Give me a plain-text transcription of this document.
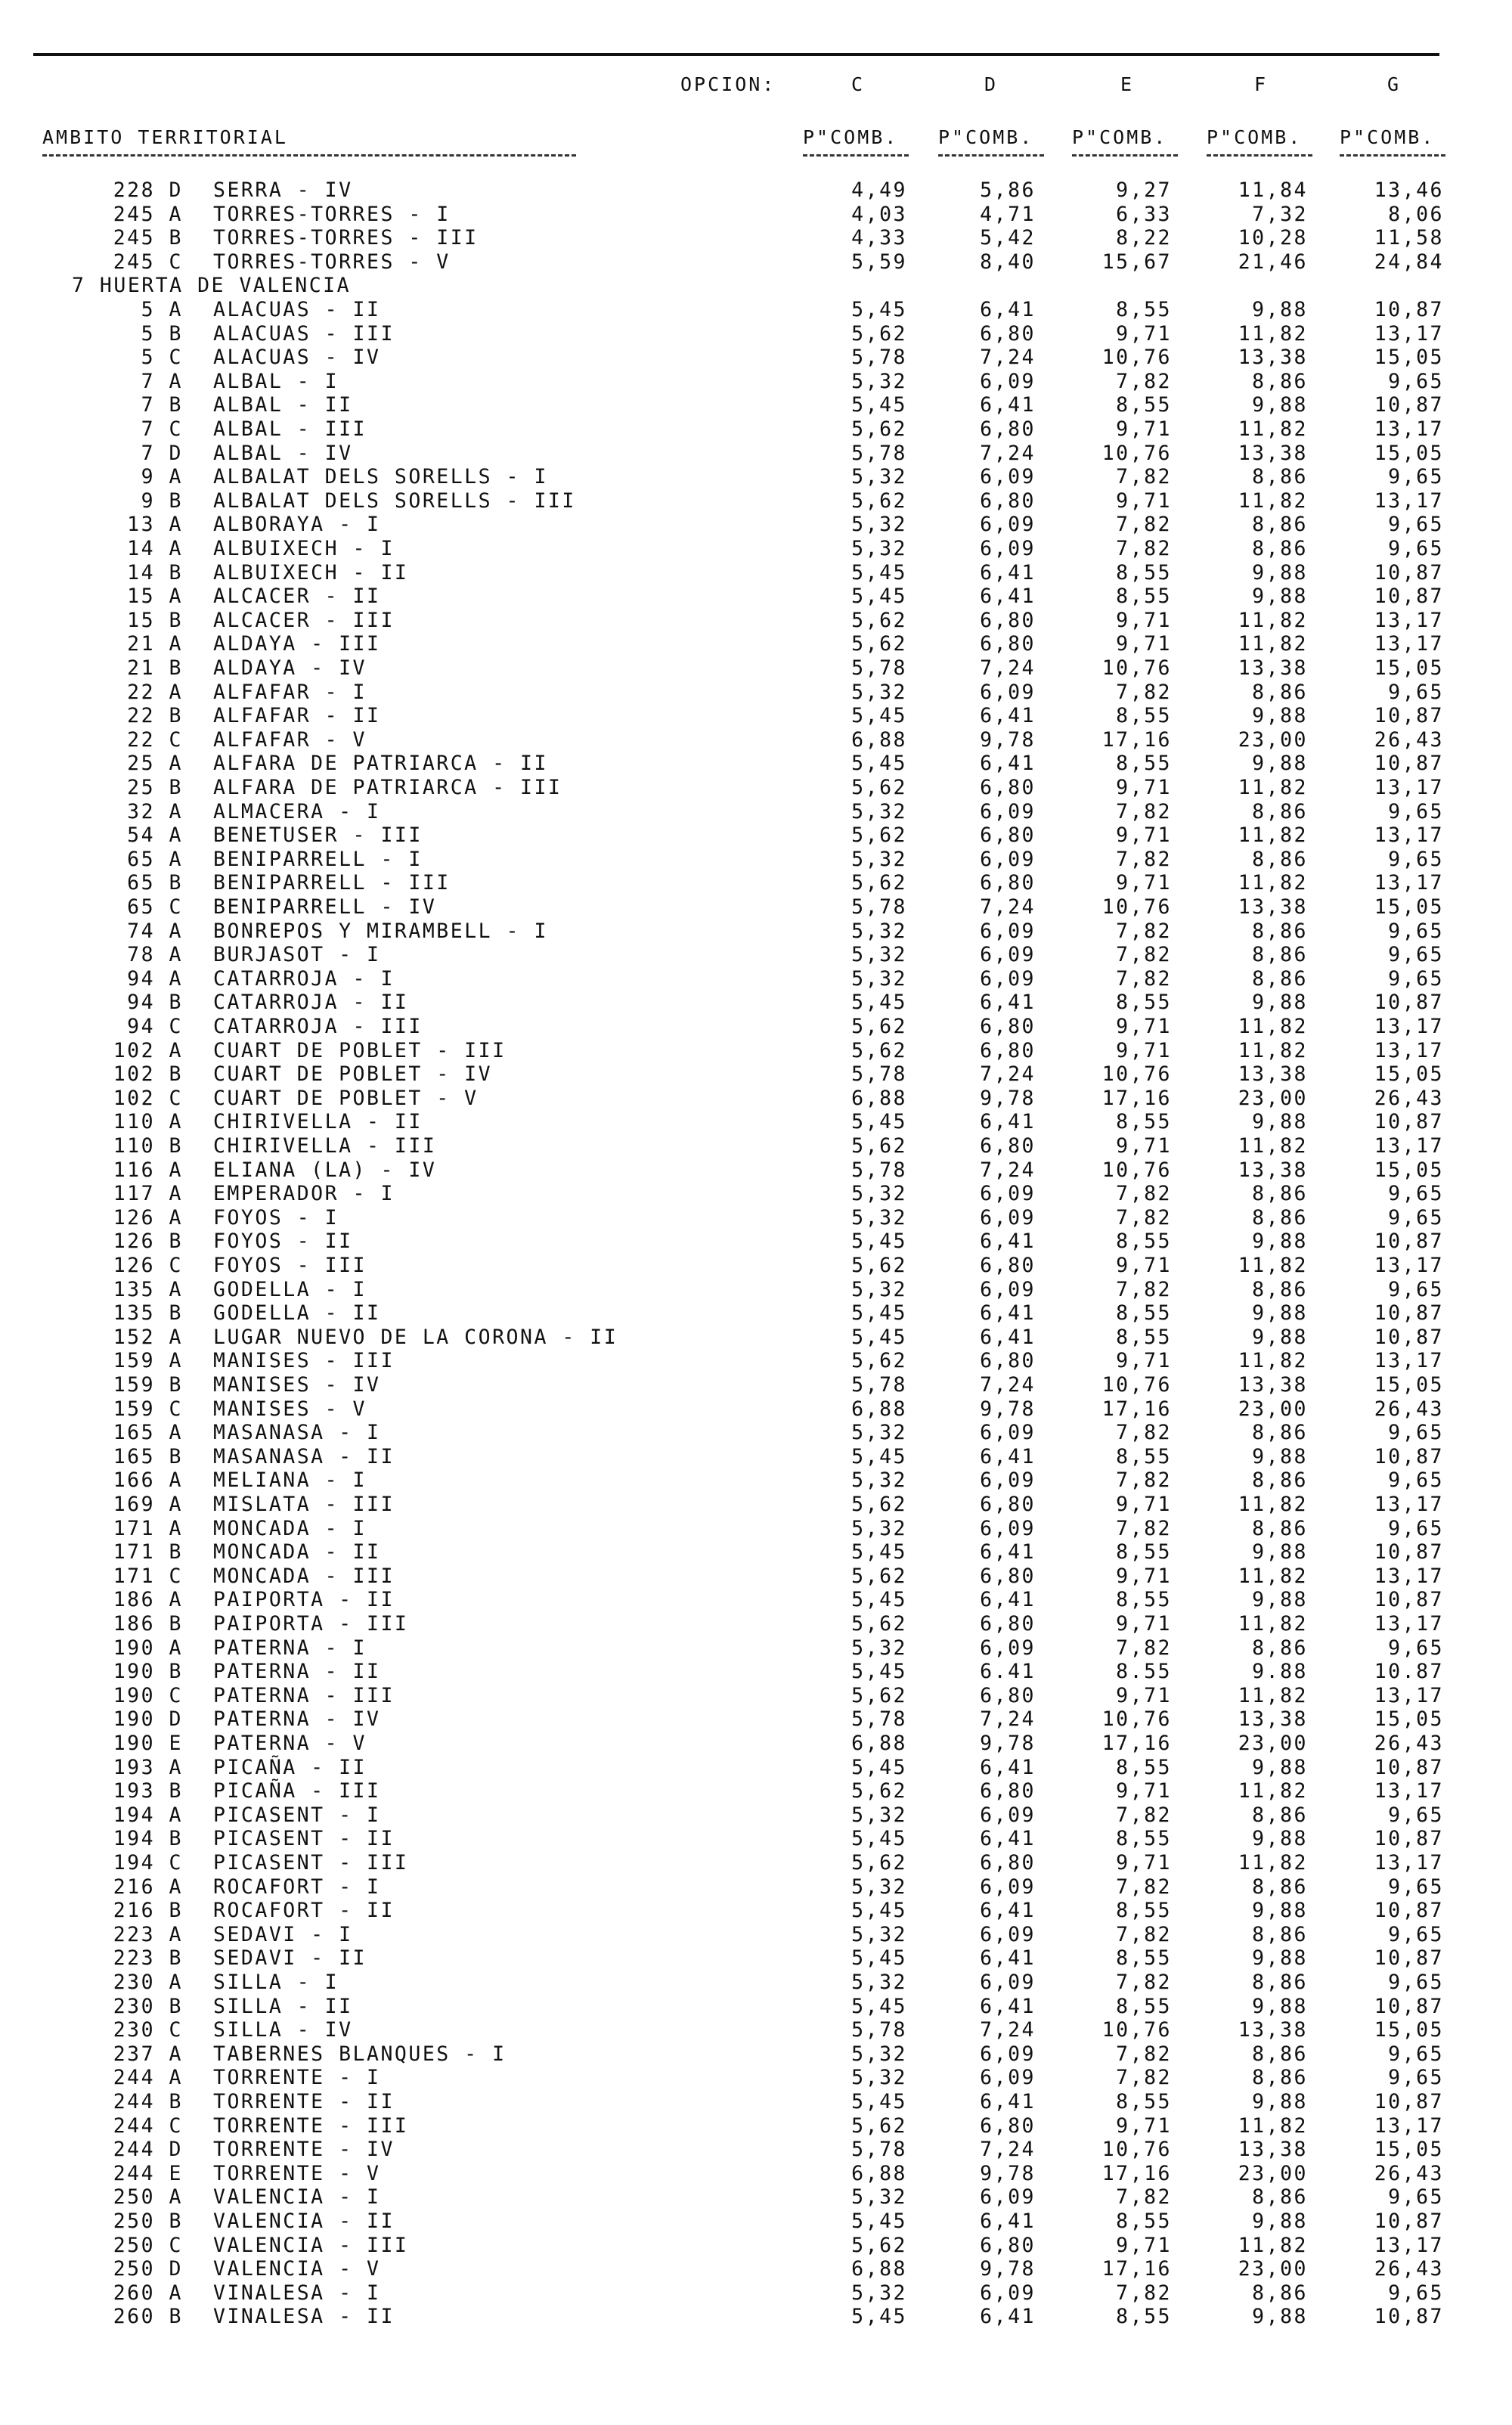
OPCION:	C	D	E	F	G
AMBITO TERRITORIAL	P"COMB. P"COMB. P"COMB. P"COMB. P"COMB.
228 D SERRA - IV	4,49	5,86	9,27	11,84	13,46
245 A TORRES-TORRES - I	4,03	4,71	6,33	7,32	8,06
245 B TORRES-TORRES - III	4,33	5,42	8,22	10,28	11,58
245 C TORRES-TORRES - V	5,59	8,40	15,67	21,46	24,84
7 HUERTA DE VALENCIA
5 A ALACUAS - II	5,45	6,41	8,55	9,88	10,87
5 B ALACUAS - III	5,62	6,80	9,71	11,82	13,17
5 C ALACUAS - IV	5,78	7,24	10,76	13,38	15,05
7 A ALBAL - I	5,32	6,09	7,82	8,86	9,65
7 B ALBAL - II	5,45	6,41	8,55	9,88	10,87
7 C ALBAL - III	5,62	6,80	9,71	11,82	13,17
7 D ALBAL - IV	5,78	7,24	10,76	13,38	15,05
9 A ALBALAT DELS SORELLS - I	5,32	6,09	7,82	8,86	9,65
9 B ALBALAT DELS SORELLS - III	5,62	6,80	9,71	11,82	13,17
13 A ALBORAYA - I	5,32	6,09	7,82	8,86	9,65
14 A ALBUIXECH - I	5,32	6,09	7,82	8,86	9,65
14 B ALBUIXECH - II	5,45	6,41	8,55	9,88	10,87
15 A ALCACER - II	5,45	6,41	8,55	9,88	10,87
15 B ALCACER - III	5,62	6,80	9,71	11,82	13,17
21 A ALDAYA - III	5,62	6,80	9,71	11,82	13,17
21 B ALDAYA - IV	5,78	7,24	10,76	13,38	15,05
22 A ALFAFAR - I	5,32	6,09	7,82	8,86	9,65
22 B ALFAFAR - II	5,45	6,41	8,55	9,88	10,87
22 C ALFAFAR - V	6,88	9,78	17,16	23,00	26,43
25 A ALFARA DE PATRIARCA - II	5,45	6,41	8,55	9,88	10,87
25 B ALFARA DE PATRIARCA - III	5,62	6,80	9,71	11,82	13,17
32 A ALMACERA - I	5,32	6,09	7,82	8,86	9,65
54 A BENETUSER - III	5,62	6,80	9,71	11,82	13,17
65 A BENIPARRELL - I	5,32	6,09	7,82	8,86	9,65
65 B BENIPARRELL - III	5,62	6,80	9,71	11,82	13,17
65 C BENIPARRELL - IV	5,78	7,24	10,76	13,38	15,05
74 A BONREPOS Y MIRAMBELL - I	5,32	6,09	7,82	8,86	9,65
78 A BURJASOT - I	5,32	6,09	7,82	8,86	9,65
94 A CATARROJA - I	5,32	6,09	7,82	8,86	9,65
94 B CATARROJA - II	5,45	6,41	8,55	9,88	10,87
94 C CATARROJA - III	5,62	6,80	9,71	11,82	13,17
102 A CUART DE POBLET - III	5,62	6,80	9,71	11,82	13,17
102 B CUART DE POBLET - IV	5,78	7,24	10,76	13,38	15,05
102 C CUART DE POBLET - V	6,88	9,78	17,16	23,00	26,43
110 A CHIRIVELLA - II	5,45	6,41	8,55	9,88	10,87
110 B CHIRIVELLA - III	5,62	6,80	9,71	11,82	13,17
116 A ELIANA (LA) - IV	5,78	7,24	10,76	13,38	15,05
117 A EMPERADOR - I	5,32	6,09	7,82	8,86	9,65
126 A FOYOS - I	5,32	6,09	7,82	8,86	9,65
126 B FOYOS - II	5,45	6,41	8,55	9,88	10,87
126 C FOYOS - III	5,62	6,80	9,71	11,82	13,17
135 A GODELLA - I	5,32	6,09	7,82	8,86	9,65
135 B GODELLA - II	5,45	6,41	8,55	9,88	10,87
152 A LUGAR NUEVO DE LA CORONA - II	5,45	6,41	8,55	9,88	10,87
159 A MANISES - III	5,62	6,80	9,71	11,82	13,17
159 B MANISES - IV	5,78	7,24	10,76	13,38	15,05
159 C MANISES - V	6,88	9,78	17,16	23,00	26,43
165 A MASANASA - I	5,32	6,09	7,82	8,86	9,65
165 B MASANASA - II	5,45	6,41	8,55	9,88	10,87
166 A MELIANA - I	5,32	6,09	7,82	8,86	9,65
169 A MISLATA - III	5,62	6,80	9,71	11,82	13,17
171 A MONCADA - I	5,32	6,09	7,82	8,86	9,65
171 B MONCADA - II	5,45	6,41	8,55	9,88	10,87
171 C MONCADA - III	5,62	6,80	9,71	11,82	13,17
186 A PAIPORTA - II	5,45	6,41	8,55	9,88	10,87
186 B PAIPORTA - III	5,62	6,80	9,71	11,82	13,17
190 A PATERNA - I	5,32	6,09	7,82	8,86	9,65
190 B PATERNA - II	5,45	6.41	8.55	9.88	10.87
190 C PATERNA - III	5,62	6,80	9,71	11,82	13,17
190 D PATERNA - IV	5,78	7,24	10,76	13,38	15,05
190 E PATERNA - V	6,88	9,78	17,16	23,00	26,43
193 A PICAÑA - II	5,45	6,41	8,55	9,88	10,87
193 B PICAÑA - III	5,62	6,80	9,71	11,82	13,17
194 A PICASENT - I	5,32	6,09	7,82	8,86	9,65
194 B PICASENT - II	5,45	6,41	8,55	9,88	10,87
194 C PICASENT - III	5,62	6,80	9,71	11,82	13,17
216 A ROCAFORT - I	5,32	6,09	7,82	8,86	9,65
216 B ROCAFORT - II	5,45	6,41	8,55	9,88	10,87
223 A SEDAVI - I	5,32	6,09	7,82	8,86	9,65
223 B SEDAVI - II	5,45	6,41	8,55	9,88	10,87
230 A SILLA - I	5,32	6,09	7,82	8,86	9,65
230 B SILLA - II	5,45	6,41	8,55	9,88	10,87
230 C SILLA - IV	5,78	7,24	10,76	13,38	15,05
237 A TABERNES BLANQUES - I	5,32	6,09	7,82	8,86	9,65
244 A TORRENTE - I	5,32	6,09	7,82	8,86	9,65
244 B TORRENTE - II	5,45	6,41	8,55	9,88	10,87
244 C TORRENTE - III	5,62	6,80	9,71	11,82	13,17
244 D TORRENTE - IV	5,78	7,24	10,76	13,38	15,05
244 E TORRENTE - V	6,88	9,78	17,16	23,00	26,43
250 A VALENCIA - I	5,32	6,09	7,82	8,86	9,65
250 B VALENCIA - II	5,45	6,41	8,55	9,88	10,87
250 C VALENCIA - III	5,62	6,80	9,71	11,82	13,17
250 D VALENCIA - V	6,88	9,78	17,16	23,00	26,43
260 A VINALESA - I	5,32	6,09	7,82	8,86	9,65
260 B VINALESA - II	5,45	6,41	8,55	9,88	10,87
